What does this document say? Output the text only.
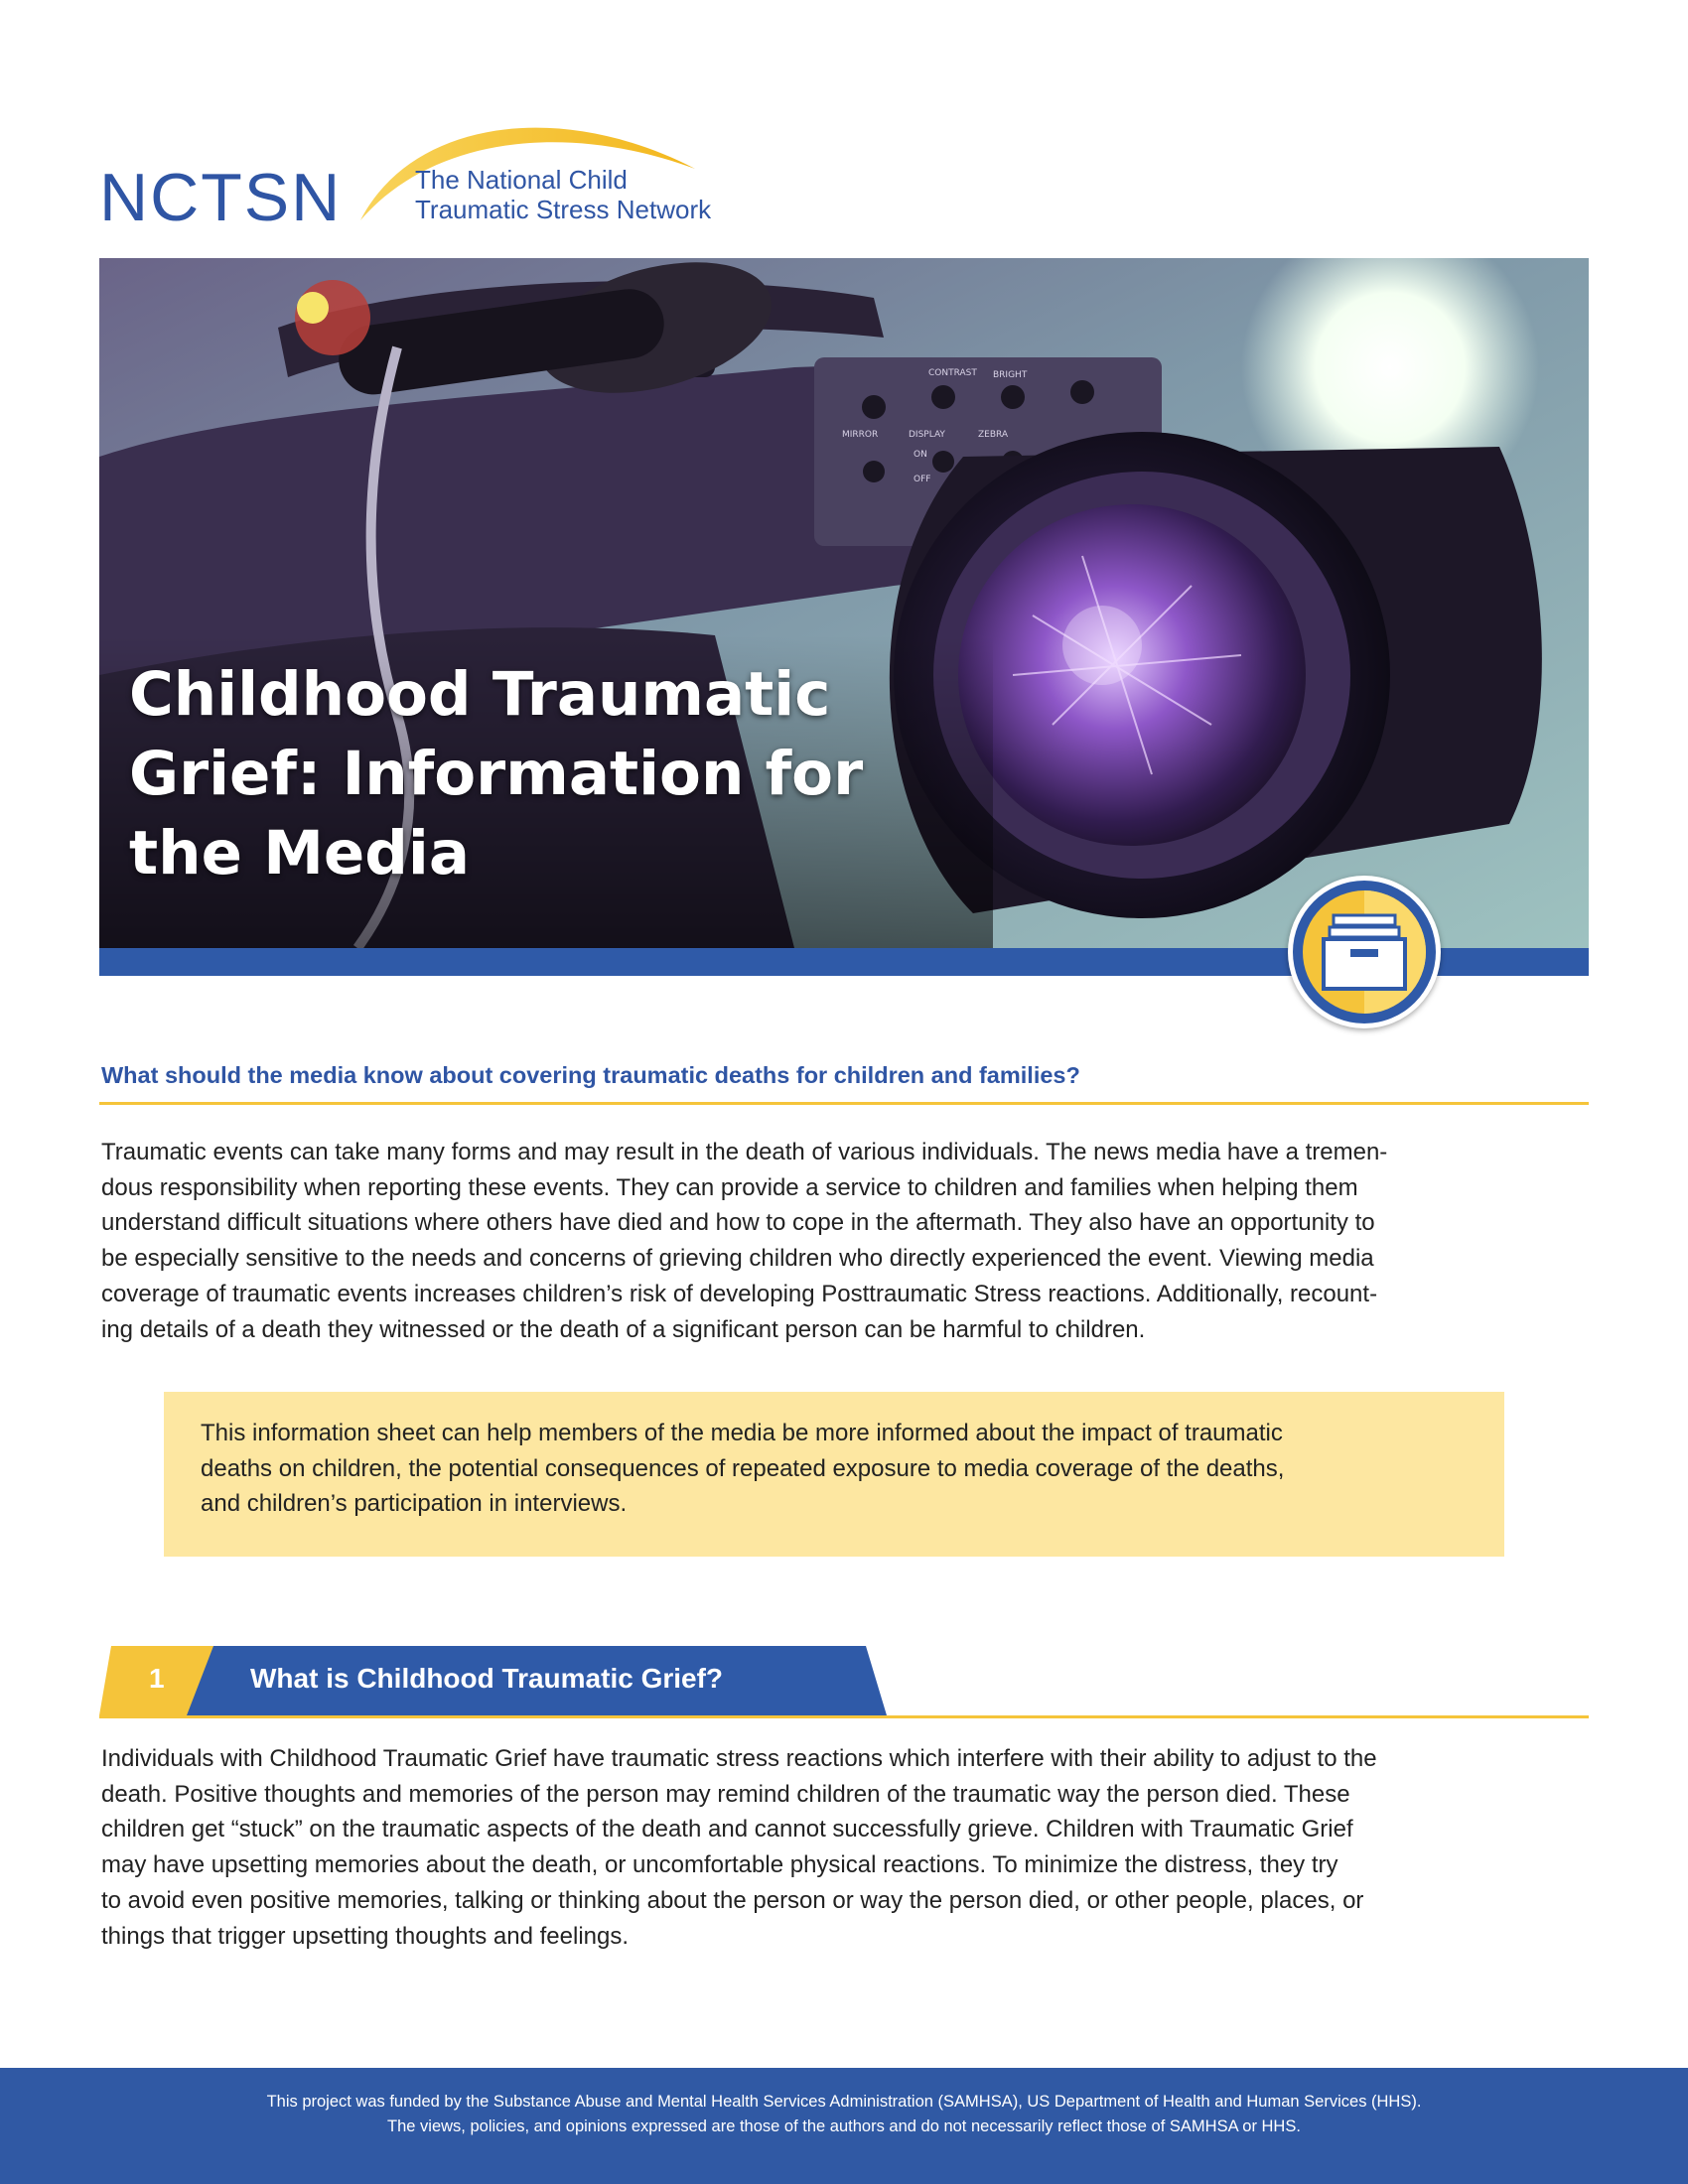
NCTSN	The National Child
Traumatic Stress Network
CONTRAST BRIGHT
MIRROR	DISPLAY	ZEBRA
ON
OFF
Childhood Traumatic Grief: Information for the Media
What should the media know about covering traumatic deaths for children and families?
Traumatic events can take many forms and may result in the death of various individuals. The news media have a tremen-
dous responsibility when reporting these events. They can provide a service to children and families when helping them
understand difficult situations where others have died and how to cope in the aftermath. They also have an opportunity to
be especially sensitive to the needs and concerns of grieving children who directly experienced the event. Viewing media
coverage of traumatic events increases children’s risk of developing Posttraumatic Stress reactions. Additionally, recount-
ing details of a death they witnessed or the death of a significant person can be harmful to children.

This information sheet can help members of the media be more informed about the impact of traumatic
deaths on children, the potential consequences of repeated exposure to media coverage of the deaths,
and children’s participation in interviews.

1	What is Childhood Traumatic Grief?
Individuals with Childhood Traumatic Grief have traumatic stress reactions which interfere with their ability to adjust to the
death. Positive thoughts and memories of the person may remind children of the traumatic way the person died. These
children get “stuck” on the traumatic aspects of the death and cannot successfully grieve. Children with Traumatic Grief
may have upsetting memories about the death, or uncomfortable physical reactions. To minimize the distress, they try
to avoid even positive memories, talking or thinking about the person or way the person died, or other people, places, or
things that trigger upsetting thoughts and feelings.

This project was funded by the Substance Abuse and Mental Health Services Administration (SAMHSA), US Department of Health and Human Services (HHS).

The views, policies, and opinions expressed are those of the authors and do not necessarily reflect those of SAMHSA or HHS.
